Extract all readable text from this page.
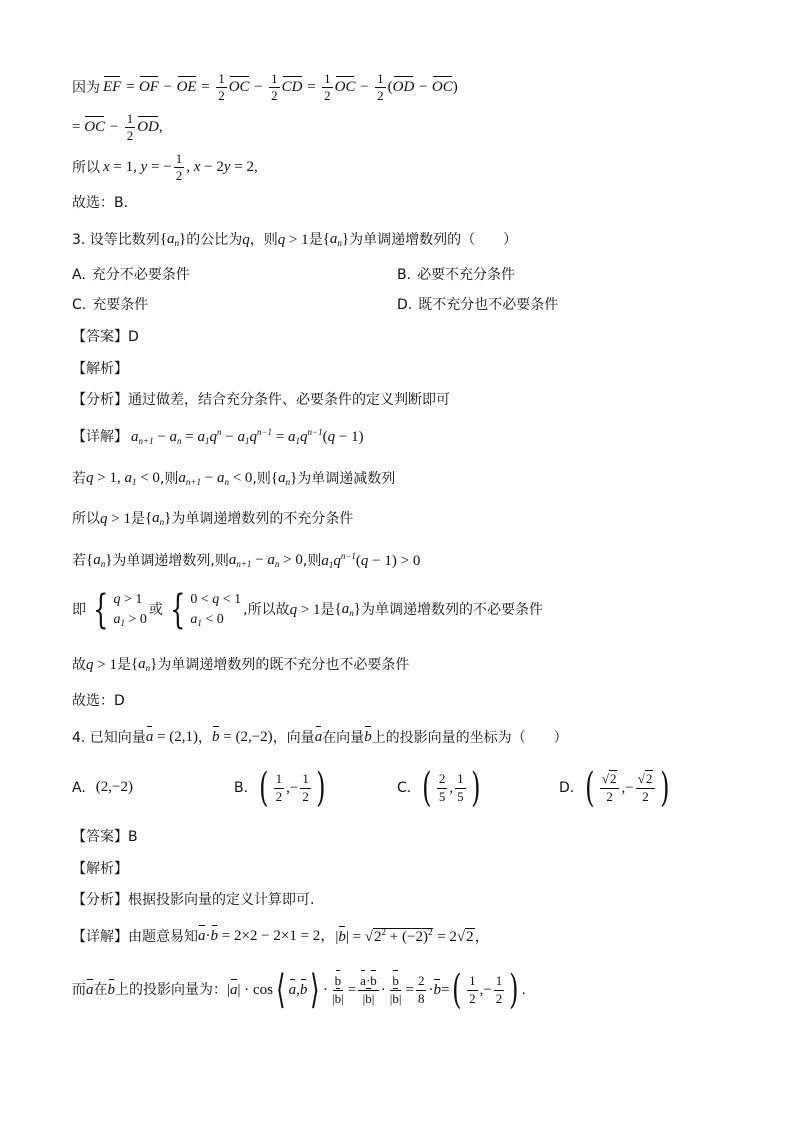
因为 EF = OF − OE = $\frac{1}{2}$ OC − $\frac{1}{2}$ CD = $\frac{1}{2}$ OC − $\frac{1}{2} (OD - OC)$
= OC − $\frac{1}{2}$ OD,
所以 x = 1, y = − $\frac{1}{2}$ , x − 2y = 2,
故选：B.
3. 设等比数列 $\{a_n\}$ 的公比为 q ，则 q > 1 是 $\{a_n\}$ 为单调递增数列的（　　）
A. 充分不必要条件	B. 必要不充分条件
C. 充要条件	D. 既不充分也不必要条件
【答案】D
【解析】
【分析】通过做差，结合充分条件、必要条件的定义判断即可
【详解】 $a_{n+1} - a_n = a_1q^n - a_1q^{n-1} = a_1q^{n-1}(q - 1)$
若 q > 1, $a_1 < 0$ ,则 $a_{n+1} - a_n < 0$ ,则 $\{a_n\}$ 为单调递减数列
所以 q > 1 是 $\{a_n\}$ 为单调递增数列的不充分条件
若 $\{a_n\}$ 为单调递增数列,则 $a_{n+1} - a_n > 0$ ,则 $a_1q^{n-1}(q - 1) > 0$
即 { q > 1
$a_1 > 0$
或 { 0 < q < 1
$a_1 < 0$
,所以故 q > 1 是 $\{a_n\}$ 为单调递增数列的不必要条件
故 q > 1 是 $\{a_n\}$ 为单调递增数列的既不充分也不必要条件
故选：D
4. 已知向量 a = (2,1) ， b = (2,−2) ，向量 a 在向量 b 上的投影向量的坐标为（　　）
A. (2,−2)	B. ( $\frac{1}{2}$ ,− $\frac{1}{2}$ )	C. ( $\frac{2}{5}$ , $\frac{1}{5}$ )	D. ( $\frac{√2}{2}$ ,− $\frac{√2}{2}$ )
【答案】B
【解析】
【分析】根据投影向量的定义计算即可.
【详解】 由题意易知 a·b = 2×2 − 2×1 = 2， $|b| = √2^2 + (-2)^2 = 2√2$，
而 a 在 b 上的投影向量为： | a | · cos ⟨ a , b ⟩ · $\frac{b}{|b|} = \frac{a\cdot b}{|b|} \cdot \frac{b}{|b|} = \frac{2}{8} \cdot b$ = ( $\frac{1}{2}$ ,− $\frac{1}{2}$ ) .
